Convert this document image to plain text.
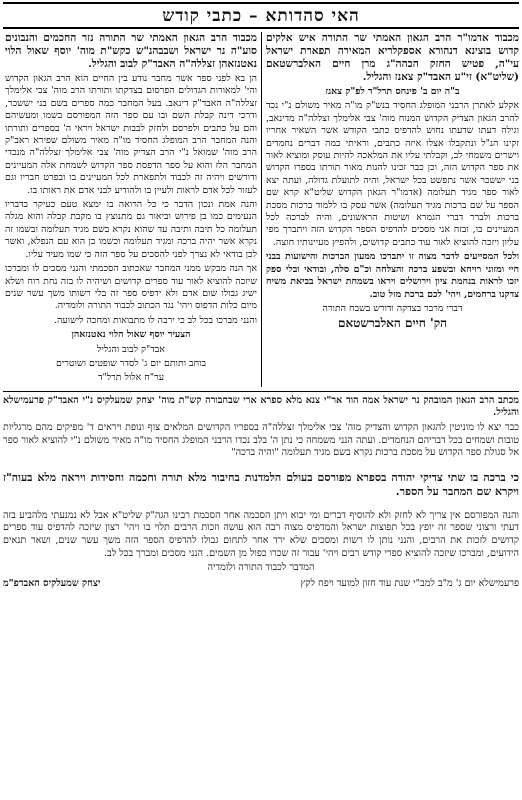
האי סהדותא – כתבי קודש

מכבוד אדמו"ר הרב הגאון האמתי שר התורה איש אלקים קדוש בוצינא דנהורא אספקלריא המאירה תפארת ישראל עי"ה, פטיש החזק הכהה"ג מרן חיים האלברשטאם (שליט"א) זי"ע האבד"ק צאנז והגליל.

ב"ה יום ב' פינחס תרל"ד לפ"ק צאנז

אקלע לאתרן הרבני המופלג החסיד בנש"ק מו"ה מאיר משולם נ"י נכד להרב הגאון הצדיק הקדוש המנוח מוה' צבי אלימלך זצללה"ה מדינאב, וגילה דעתו שדעתו נחוש להדפיס כתבי הקודש אשר השאיר אחריו זקינו הנ"ל ונתקבלו אצלו איזה כתבים, וראיתי כמה דברים נחמדים וישרים משמחי לב, וקבלתי עליו את המלאכה להיות עוסק ומוציא לאור את ספר הקדוש הזה, וכן כבר זכינו להנות מאור תורתו בספרו הקדוש בני יששכר אשר נתפשט בכל ישראל, והיה לתועלת גדולה, ועתה יצא לאור ספר מגיד תעלומה (אדמו"ר הגאון הקדוש שליט"א קרא שם הספר על שם ברכות מגיד תעלומה) אשר עסק בו ללמוד ברכות מסכת ברכות ולברר דברי הגמרא ושיטות הראשונים, והיה לברכה לכל המעיינים בו, ובזה אני מסכים להדפיס הספר הקדוש הזה ויתברך מפי עליון ויזכה להוציא לאור עוד כתבים קדושים, ולהפיץ מעיינותיו חוצה.

ולכל המסייעים לדבר מצוה זו יתברכו ממעון הברכות והישועות בבני חיי ומזוני רויחא ובשפע ברכה והצלחה וכ"ם סלה, ובודאי ובלי ספק יזכו לראות בנחמת ציון וירושלים ויראו בשמחת ישראל בביאת משיח צדקנו ברחמים, ויהי' לכם ברכת מזל טוב.

דברי מרבר בצדקה ודורש בשבח התורה

הק' חיים האלברשטאם

מכבוד הרב הגאון האמתי שר התורה נזר החכמים והנבונים סוע"ה נר ישראל ושבבהנ"ש כקש"ת מוה' יוסף שאול הלוי נאטנזאהן זצללה"ה האבד"ק לבוב והגליל.

הן בא לפני ספר אשר מחבר נודע בין החיים הוא הרב הגאון הקדוש והי' למאורות הגדולים הפרסום בצדקתו ותורתו הרב מוה' צבי אלימלך זצללה"ה האבד"ק דינאב. בעל המחבר כמה ספרים בשם בני יששכר, ודרכי דינה קבלת השם ובו עם ספר הזה המפורסם בשמו ומעשיהם והם על כתבים ולפרסם ולחזק לבבות ישראל ויראי ה' בספרים ותורתו והנה המחבר הרב המופלג החסיד מו"ה מאיר משולם שפירא ראב"ק הרב מוה' שמואל נ"י הרב הצדיק מוה' צבי אלימלך זצללה"ה מנכדי המחבר הלז והוא על ספר הדפסת ספר הקדוש לשמחת אלה המעיינים ודורשים ויהיה זה לכבוד ולתפארת לכל המעיינים בו ובפרט חבריו וגם לעזור לכל אדם לראות ולעיין בו ולהודיע לבני אדם את ראותו בו.

והנה אמת ונכון הדבר כי כל הרואה בו ימצא טעם כעיקר בדבריו הנעימים כמו בן פירוש וביאור גם מתנוצץ בו מקבת קבלה והוא מגלה תעלומה כל תיבה ותיבה עד שהוא נקרא בשם מגיד תעלומה ובשמו זה נקרא אשר יהיה ברכה ומגיד תעלומה וכשמו כן הוא עם הנפלא, ואשר לכן בודאי לא נצרך לפני להסכים על ספר הזה כי שמו מעיד עליו.

אך הנה מבקש ממני המחבר שאכתוב הסכמתי והנני מסכים לו ומברכו שיזכה להוציא לאור עוד ספרים קדושים ושיהיה לו בזה נחת רוח ושלא ישיג גבולו שום אדם ולא ידפיס ספר זה בלי רשותו משך עשר שנים מיום כלות הדפוס ויהי' נגד הכתוב לכבוד התורה ולומדיה.

והנני מברכו בכל לב כי ירבה לו מתבואות ומחכה לישועה.

הצעיר יוסף שאול הלוי נאטנזאהן

אבד"ק לבוב והגליל

בוחב ותותם יום ג' לסדר שופטים ושוטרים

ער"ח אלול תרל"ד

מכתב הרב הגאון המובהק נר ישראל אמה הוד אר"י צנא מלא ספרא ארי שבחבורה קש"ת מוה' יצחק שמעלקיס נ"י האבד"ק פרעמישלא והגליל.

כבר יצא לו מוניטין להגאון הקדוש והצדיק מוה' צבי אלימלך זצללה"ה בספריו הקדושים המלאים צוף ונופת ויראים ד' מפיקים מהם מרגליות טובות ושמחים בכל דבריהם הנחמדים. ועתה הנני משמחה כי נתן ה' בלב נכדו הרבני המופלג החסיד מו"ה מאיר משולם נ"י להוציא לאור ספר אל סגולת ספר הקדוש על מסכת ברכות נקרא בשם מגיד תעלומה "והיה ברכה"

כי ברכה בו שתי צדיקי יהודה בספרא מפורסם בעולם הלמדנות בחיבור מלא תורה וחכמה וחסידות ויראה מלא בעוה"ז ויקרא שם המחבר על הספר.

והנה המפורסם אין צריך לא לחזק ולא להוסיף דברים ומי יבוא ויתן הסכמה אחר הסכמת רבינו הגה"ק שליט"א אבל לא נמנעתי מלהביע בזה דעתי ורצוני שספר זה יופץ בכל תפוצות ישראל והמדפיס מצוה רבה הוא עושה וזכות הרבים תלוי בו ויהי' רצון שיזכה להדפיס עוד ספרים קדושים לזכות את הרבים, והנני נותן לו רשות ומסכים שלא ירד אחר לתחום גבולו להדפיס הספר הזה משך עשר שנים, ושאר תנאים הידועים, ומברכו שיזכה להוציא ספרי קודש רבים ויהי' עבור זה שכרו כפול מן השמים. הנני מסכים ומברך בכל לב.

המדבר לכבוד התורה ולומדיה

פרעמישלא יום ג' מ"ב למב"י שנת עוד חזון למועד ויפח לקץ
יצחק שמעלקיס האבדפ"מ
